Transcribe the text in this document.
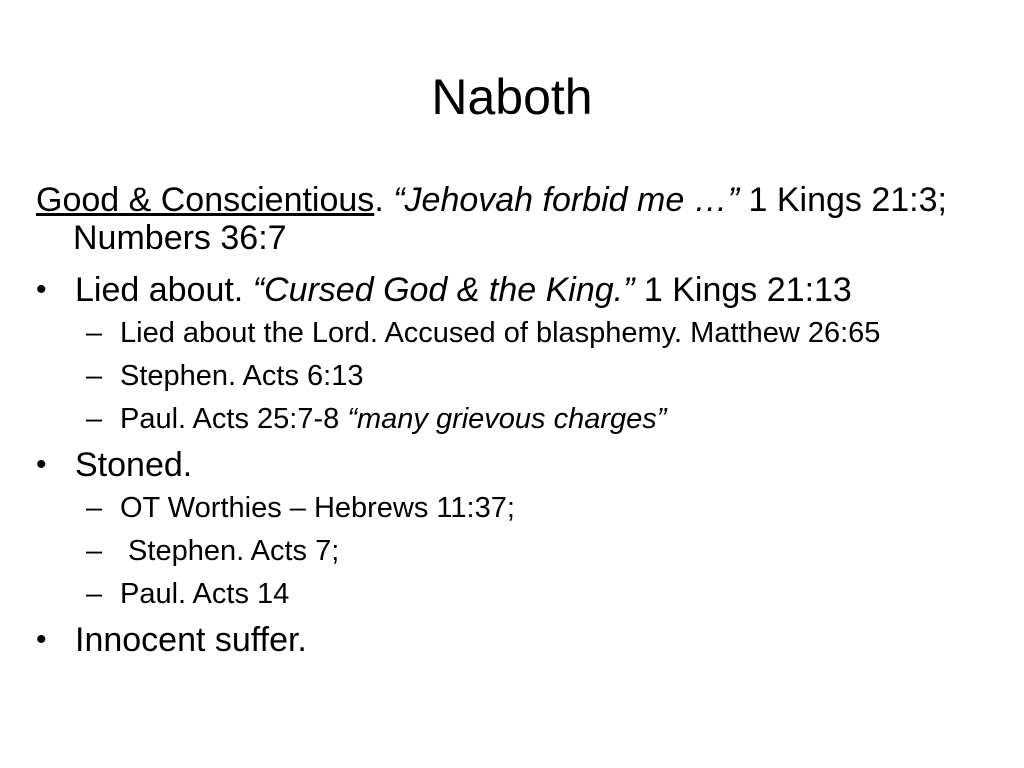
Naboth

Good & Conscientious. “Jehovah forbid me …” 1 Kings 21:3; Numbers 36:7

• Lied about. “Cursed God & the King.” 1 Kings 21:13
– Lied about the Lord. Accused of blasphemy. Matthew 26:65
– Stephen. Acts 6:13
– Paul. Acts 25:7-8 “many grievous charges”
• Stoned.
– OT Worthies – Hebrews 11:37;
– Stephen. Acts 7;
– Paul. Acts 14
• Innocent suffer.
